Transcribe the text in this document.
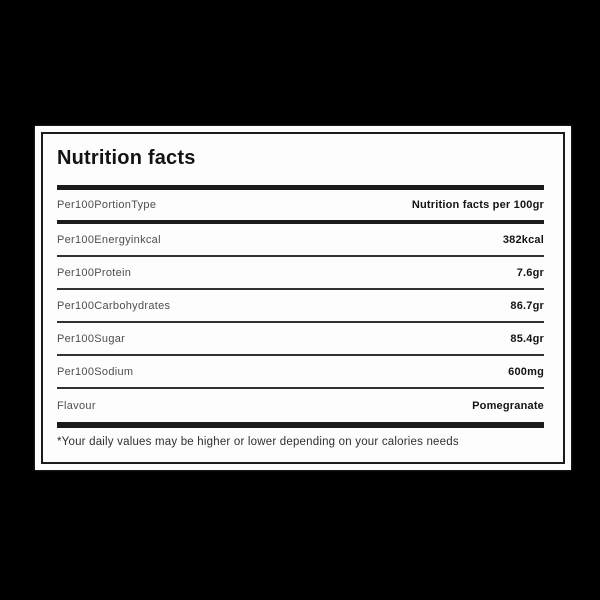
Nutrition facts
Per100PortionType	Nutrition facts per 100gr
Per100Energyinkcal	382kcal
Per100Protein	7.6gr
Per100Carbohydrates	86.7gr
Per100Sugar	85.4gr
Per100Sodium	600mg
Flavour	Pomegranate

*Your daily values may be higher or lower depending on your calories needs
